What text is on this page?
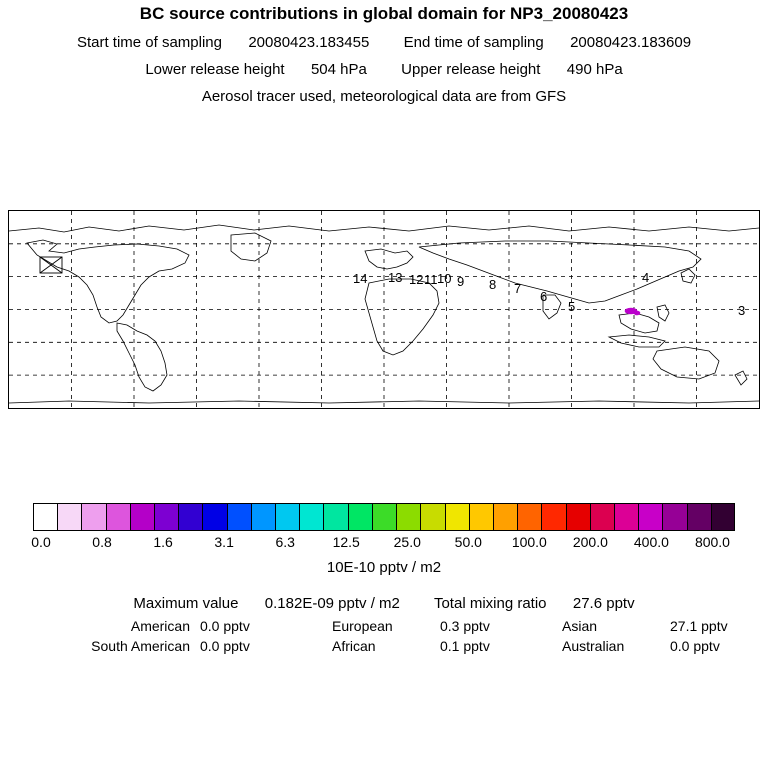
BC source contributions in global domain for NP3_20080423
Start time of sampling 20080423.183455 End time of sampling 20080423.183609
Lower release height 504 hPa Upper release height 490 hPa
Aerosol tracer used, meteorological data are from GFS
14 13 12 11 10 9 8 7
6
5
4
3
0.0	0.8	1.6	3.1	6.3	12.5	25.0	50.0	100.0	200.0	400.0	800.0
10E-10 pptv / m2
Maximum value 0.182E-09 pptv / m2 Total mixing ratio 27.6 pptv
American 0.0 pptv	European	0.3 pptv	Asian	27.1 pptv
South American 0.0 pptv	African	0.1 pptv	Australian	0.0 pptv
